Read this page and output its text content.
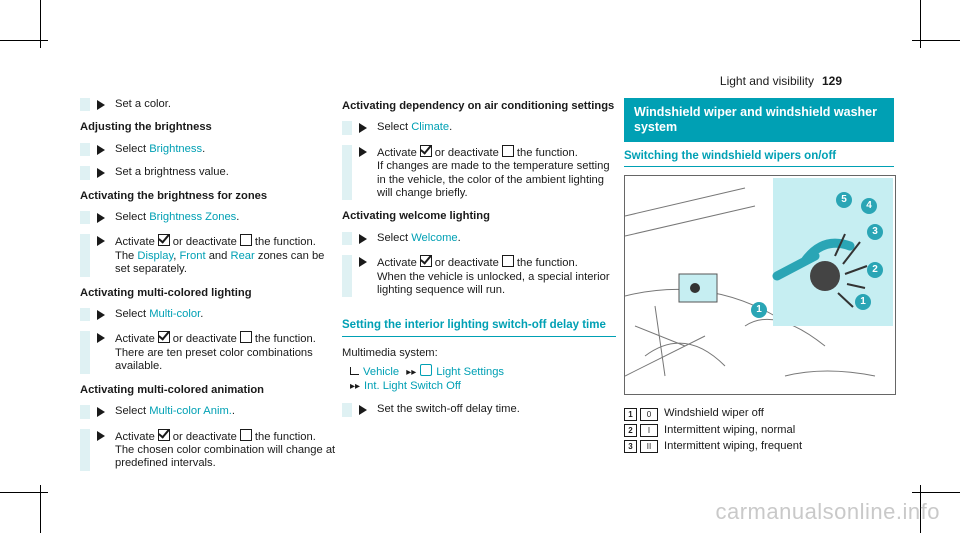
Light and visibility 129
Set a color.
Adjusting the brightness
Select Brightness.
Set a brightness value.
Activating the brightness for zones
Select Brightness Zones.
Activate or deactivate the function.
The Display, Front and Rear zones can be set separately.
Activating multi-colored lighting
Select Multi-color.
Activate or deactivate the function.
There are ten preset color combinations available.
Activating multi-colored animation
Select Multi-color Anim..
Activate or deactivate the function.
The chosen color combination will change at predefined intervals.
Activating dependency on air conditioning settings
Select Climate.
Activate or deactivate the function.
If changes are made to the temperature setting in the vehicle, the color of the ambient lighting will change briefly.
Activating welcome lighting
Select Welcome.
Activate or deactivate the function.
When the vehicle is unlocked, a special interior lighting sequence will run.
Setting the interior lighting switch-off delay time
Multimedia system:
Vehicle ▸▸ Light Settings
▸▸ Int. Light Switch Off
Set the switch-off delay time.
Windshield wiper and windshield washer system
Switching the windshield wipers on/off
5
4
3
2
1
1
1	0	Windshield wiper off
2	I	Intermittent wiping, normal
3	II	Intermittent wiping, frequent
carmanualsonline.info
